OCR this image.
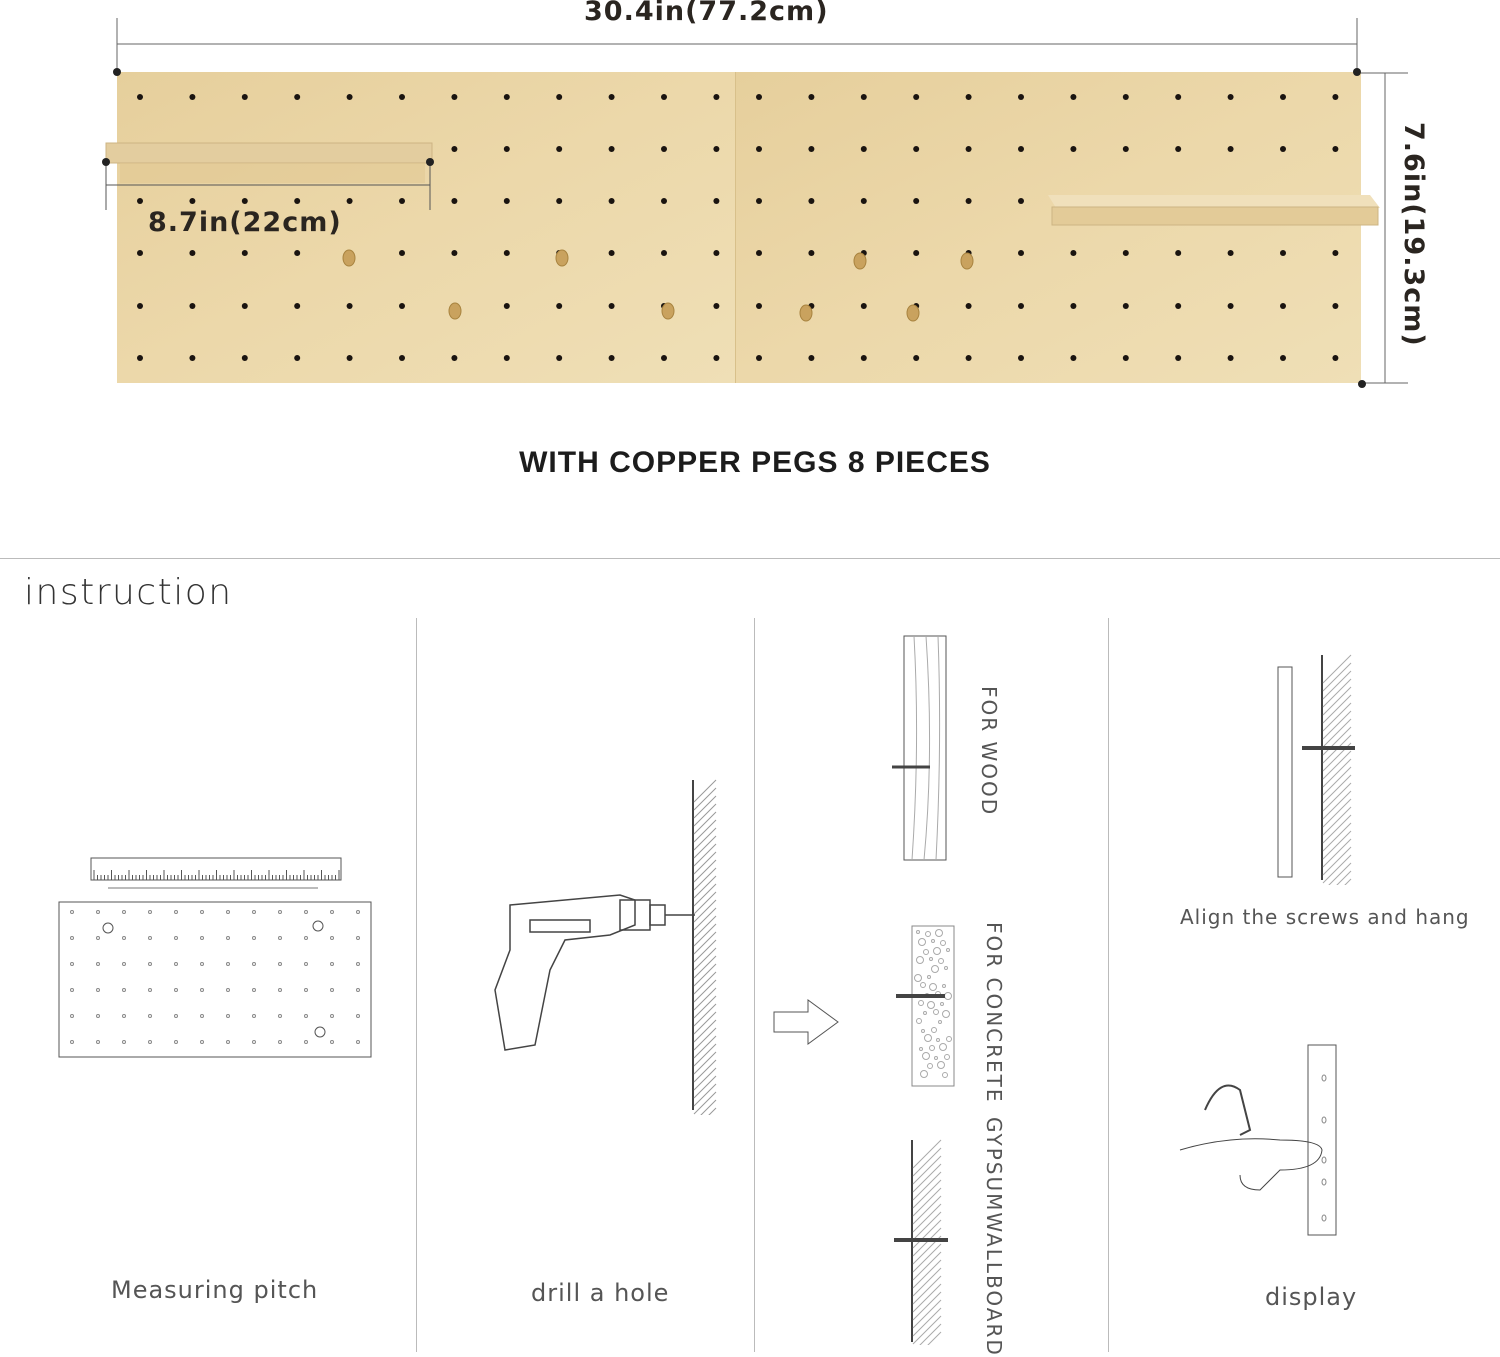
30.4in(77.2cm)
8.7in(22cm)	7.6in(19.3cm)
WITH COPPER PEGS 8 PIECES
instruction
Measuring pitch	drill a hole
FOR WOOD
FOR CONCRETE
GYPSUMWALLBOARD
Align the screws and hang
display
